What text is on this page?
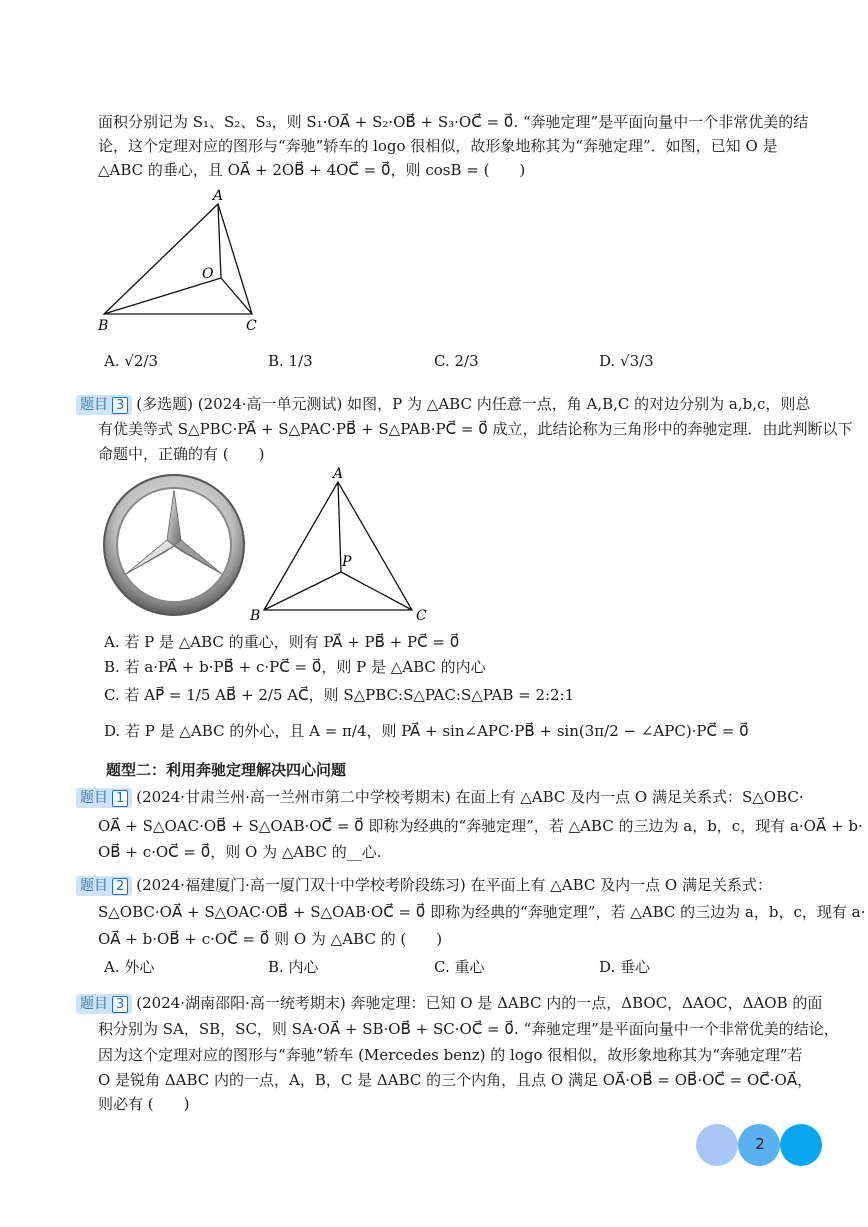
面积分别记为 S₁、S₂、S₃，则 S₁·OA⃗ + S₂·OB⃗ + S₃·OC⃗ = 0⃗. “奔驰定理”是平面向量中一个非常优美的结
论，这个定理对应的图形与“奔驰”轿车的 logo 很相似，故形象地称其为“奔驰定理”．如图，已知 O 是
△ABC 的垂心，且 OA⃗ + 2OB⃗ + 4OC⃗ = 0⃗，则 cosB = (　　)
A
B	C
O
A. √2/3	B. 1/3	C. 2/3	D. √3/3
题目 3 (多选题) (2024·高一单元测试) 如图，P 为 △ABC 内任意一点，角 A,B,C 的对边分别为 a,b,c，则总
有优美等式 S△PBC·PA⃗ + S△PAC·PB⃗ + S△PAB·PC⃗ = 0⃗ 成立，此结论称为三角形中的奔驰定理．由此判断以下
命题中，正确的有 (　　)
A
B	C
P
A. 若 P 是 △ABC 的重心，则有 PA⃗ + PB⃗ + PC⃗ = 0⃗
B. 若 a·PA⃗ + b·PB⃗ + c·PC⃗ = 0⃗，则 P 是 △ABC 的内心
C. 若 AP⃗ = 1/5 AB⃗ + 2/5 AC⃗，则 S△PBC:S△PAC:S△PAB = 2:2:1
D. 若 P 是 △ABC 的外心，且 A = π/4，则 PA⃗ + sin∠APC·PB⃗ + sin(3π/2 − ∠APC)·PC⃗ = 0⃗
题型二：利用奔驰定理解决四心问题
题目 1 (2024·甘肃兰州·高一兰州市第二中学校考期末) 在面上有 △ABC 及内一点 O 满足关系式：S△OBC·
OA⃗ + S△OAC·OB⃗ + S△OAB·OC⃗ = 0⃗ 即称为经典的“奔驰定理”，若 △ABC 的三边为 a，b，c，现有 a·OA⃗ + b·
OB⃗ + c·OC⃗ = 0⃗，则 O 为 △ABC 的__心.
题目 2 (2024·福建厦门·高一厦门双十中学校考阶段练习) 在平面上有 △ABC 及内一点 O 满足关系式：
S△OBC·OA⃗ + S△OAC·OB⃗ + S△OAB·OC⃗ = 0⃗ 即称为经典的“奔驰定理”，若 △ABC 的三边为 a，b，c，现有 a·
OA⃗ + b·OB⃗ + c·OC⃗ = 0⃗ 则 O 为 △ABC 的 (　　)
A. 外心	B. 内心	C. 重心	D. 垂心
题目 3 (2024·湖南邵阳·高一统考期末) 奔驰定理：已知 O 是 ΔABC 内的一点，ΔBOC，ΔAOC，ΔAOB 的面
积分别为 SA，SB，SC，则 SA·OA⃗ + SB·OB⃗ + SC·OC⃗ = 0⃗. “奔驰定理”是平面向量中一个非常优美的结论，
因为这个定理对应的图形与“奔驰”轿车 (Mercedes benz) 的 logo 很相似，故形象地称其为“奔驰定理”若
O 是锐角 ΔABC 内的一点，A，B，C 是 ΔABC 的三个内角，且点 O 满足 OA⃗·OB⃗ = OB⃗·OC⃗ = OC⃗·OA⃗，
则必有 (　　)
2
